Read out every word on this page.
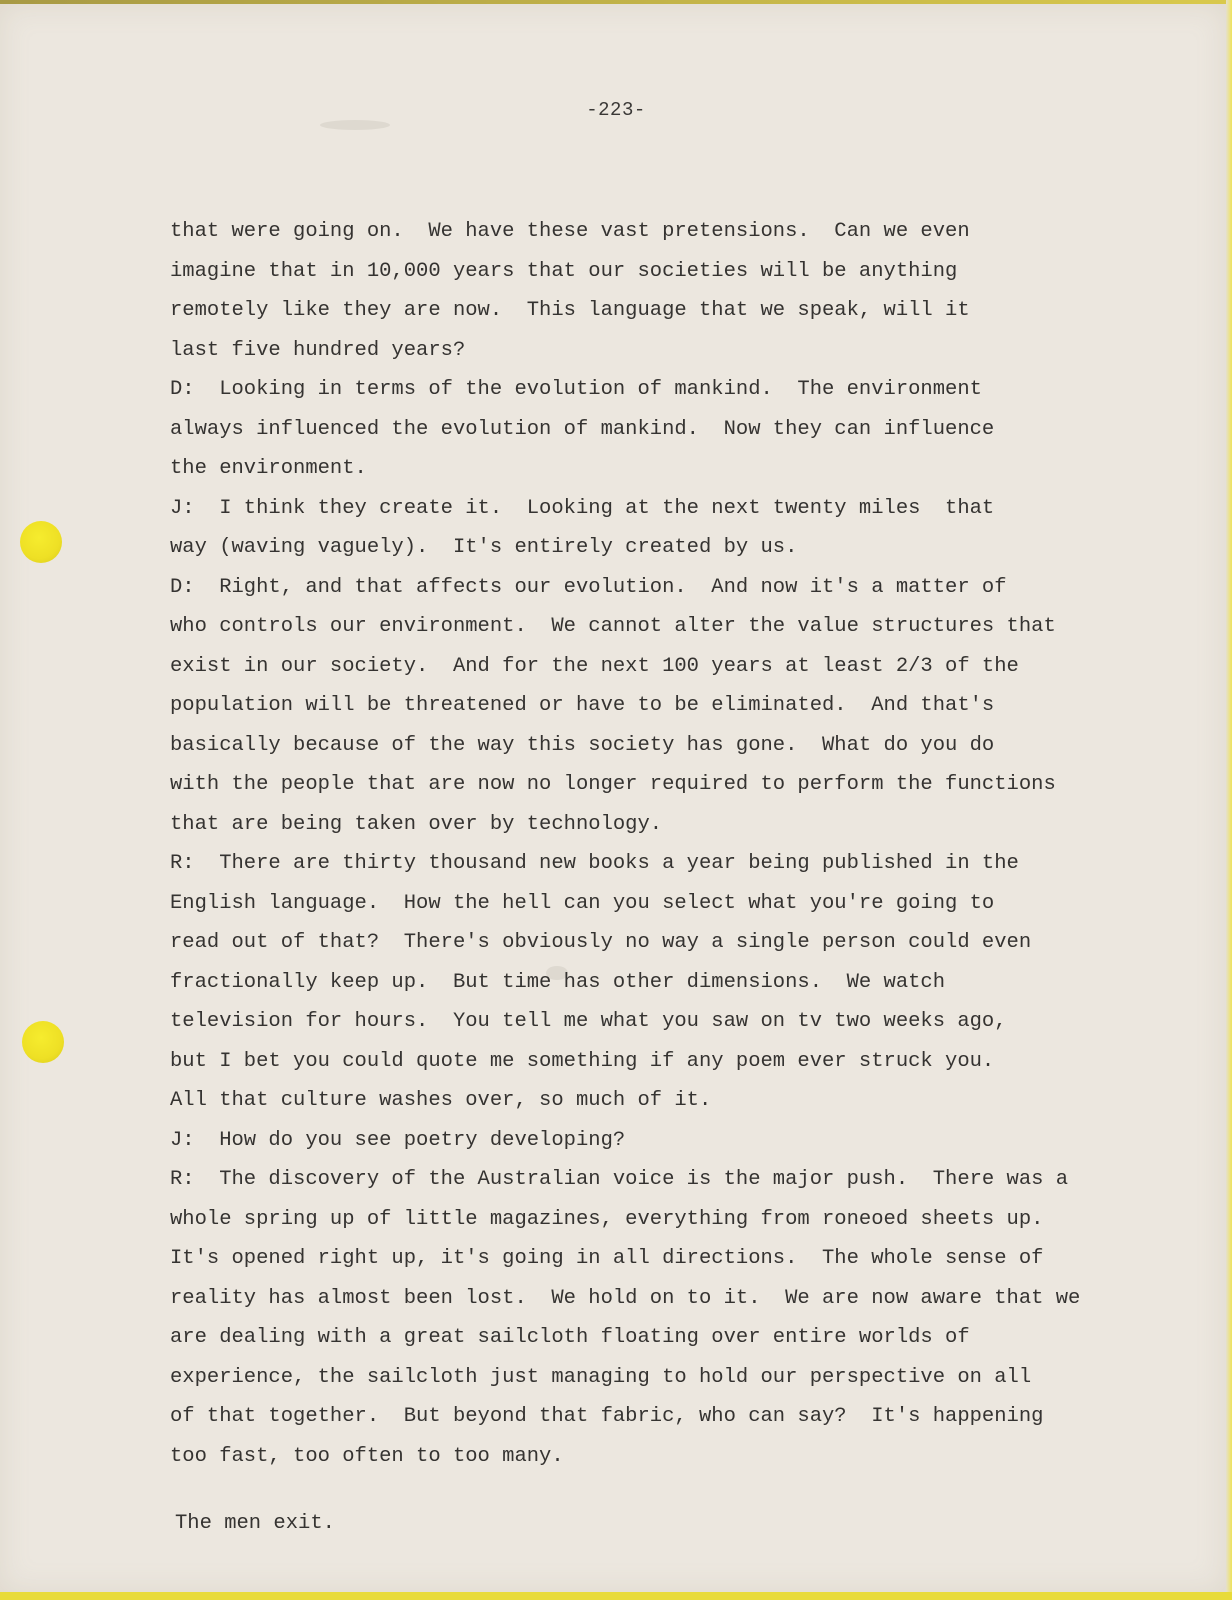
-223-
that were going on.  We have these vast pretensions.  Can we even
imagine that in 10,000 years that our societies will be anything
remotely like they are now.  This language that we speak, will it
last five hundred years?
D:  Looking in terms of the evolution of mankind.  The environment
always influenced the evolution of mankind.  Now they can influence
the environment.
J:  I think they create it.  Looking at the next twenty miles  that
way (waving vaguely).  It's entirely created by us.
D:  Right, and that affects our evolution.  And now it's a matter of
who controls our environment.  We cannot alter the value structures that
exist in our society.  And for the next 100 years at least 2/3 of the
population will be threatened or have to be eliminated.  And that's
basically because of the way this society has gone.  What do you do
with the people that are now no longer required to perform the functions
that are being taken over by technology.
R:  There are thirty thousand new books a year being published in the
English language.  How the hell can you select what you're going to
read out of that?  There's obviously no way a single person could even
fractionally keep up.  But time has other dimensions.  We watch
television for hours.  You tell me what you saw on tv two weeks ago,
but I bet you could quote me something if any poem ever struck you.
All that culture washes over, so much of it.
J:  How do you see poetry developing?
R:  The discovery of the Australian voice is the major push.  There was a
whole spring up of little magazines, everything from roneoed sheets up.
It's opened right up, it's going in all directions.  The whole sense of
reality has almost been lost.  We hold on to it.  We are now aware that we
are dealing with a great sailcloth floating over entire worlds of
experience, the sailcloth just managing to hold our perspective on all
of that together.  But beyond that fabric, who can say?  It's happening
too fast, too often to too many.
The men exit.
